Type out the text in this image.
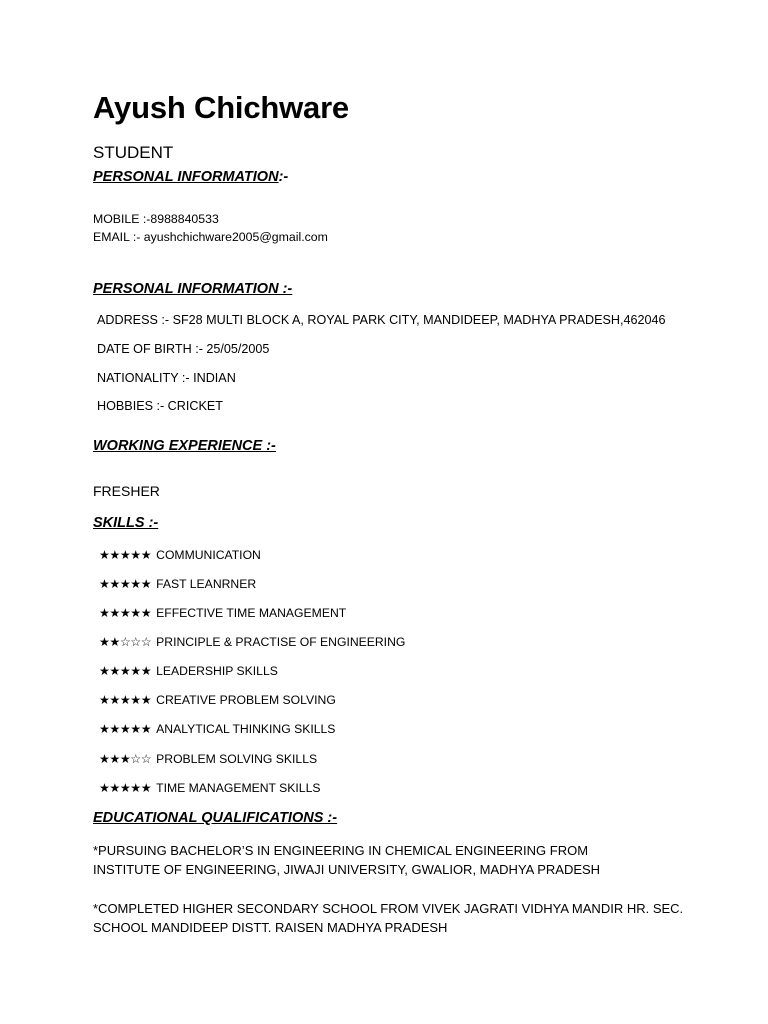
Ayush Chichware
STUDENT
PERSONAL INFORMATION:-
MOBILE :-8988840533
EMAIL :- ayushchichware2005@gmail.com
PERSONAL INFORMATION :-
ADDRESS :- SF28 MULTI BLOCK A, ROYAL PARK CITY, MANDIDEEP, MADHYA PRADESH,462046
DATE OF BIRTH :- 25/05/2005
NATIONALITY :- INDIAN
HOBBIES :- CRICKET
WORKING EXPERIENCE :-
FRESHER
SKILLS :-
★★★★★ COMMUNICATION
★★★★★ FAST LEANRNER
★★★★★ EFFECTIVE TIME MANAGEMENT
★★☆☆☆ PRINCIPLE & PRACTISE OF ENGINEERING
★★★★★ LEADERSHIP SKILLS
★★★★★ CREATIVE PROBLEM SOLVING
★★★★★ ANALYTICAL THINKING SKILLS
★★★☆☆ PROBLEM SOLVING SKILLS
★★★★★ TIME MANAGEMENT SKILLS
EDUCATIONAL QUALIFICATIONS :-
*PURSUING BACHELOR’S IN ENGINEERING IN CHEMICAL ENGINEERING FROM
INSTITUTE OF ENGINEERING, JIWAJI UNIVERSITY, GWALIOR, MADHYA PRADESH
*COMPLETED HIGHER SECONDARY SCHOOL FROM VIVEK JAGRATI VIDHYA MANDIR HR. SEC.
SCHOOL MANDIDEEP DISTT. RAISEN MADHYA PRADESH
